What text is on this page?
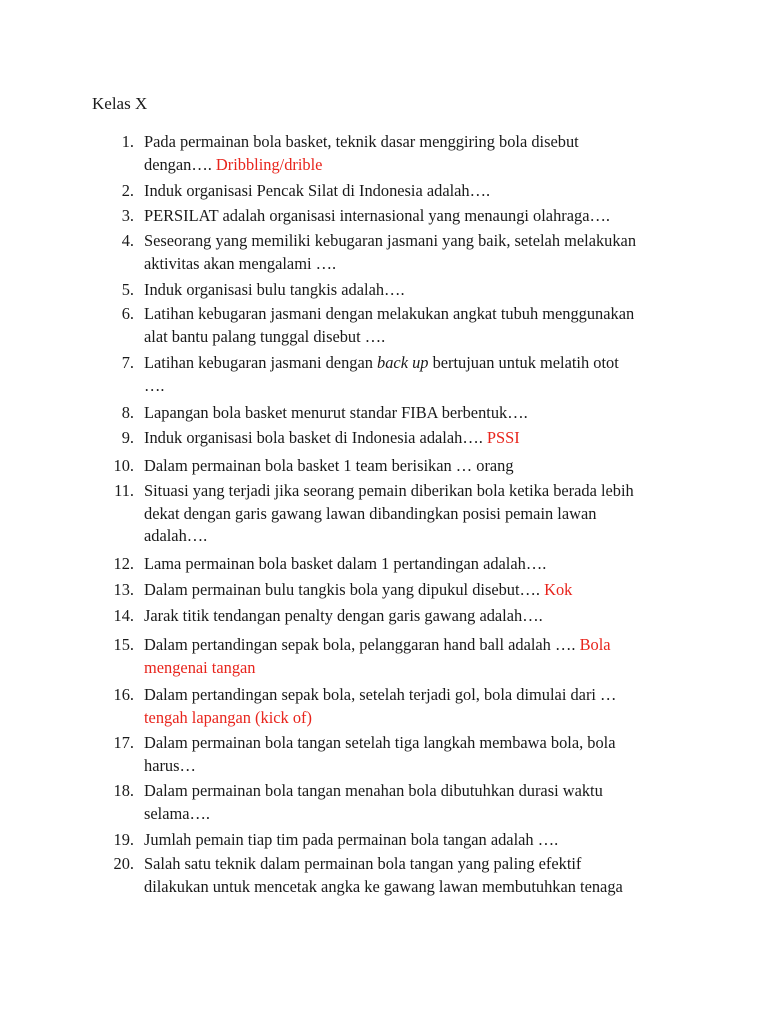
Kelas X
1. Pada permainan bola basket, teknik dasar menggiring bola disebut
dengan…. Dribbling/drible
2. Induk organisasi Pencak Silat di Indonesia adalah….
3. PERSILAT adalah organisasi internasional yang menaungi olahraga….
4. Seseorang yang memiliki kebugaran jasmani yang baik, setelah melakukan
aktivitas akan mengalami ….
5. Induk organisasi bulu tangkis adalah….
6. Latihan kebugaran jasmani dengan melakukan angkat tubuh menggunakan
alat bantu palang tunggal disebut ….
7. Latihan kebugaran jasmani dengan back up bertujuan untuk melatih otot
….
8. Lapangan bola basket menurut standar FIBA berbentuk….
9. Induk organisasi bola basket di Indonesia adalah…. PSSI
10. Dalam permainan bola basket 1 team berisikan … orang
11. Situasi yang terjadi jika seorang pemain diberikan bola ketika berada lebih
dekat dengan garis gawang lawan dibandingkan posisi pemain lawan
adalah….
12. Lama permainan bola basket dalam 1 pertandingan adalah….
13. Dalam permainan bulu tangkis bola yang dipukul disebut…. Kok
14. Jarak titik tendangan penalty dengan garis gawang adalah….
15. Dalam pertandingan sepak bola, pelanggaran hand ball adalah …. Bola
mengenai tangan
16. Dalam pertandingan sepak bola, setelah terjadi gol, bola dimulai dari …
tengah lapangan (kick of)
17. Dalam permainan bola tangan setelah tiga langkah membawa bola, bola
harus…
18. Dalam permainan bola tangan menahan bola dibutuhkan durasi waktu
selama….
19. Jumlah pemain tiap tim pada permainan bola tangan adalah ….
20. Salah satu teknik dalam permainan bola tangan yang paling efektif
dilakukan untuk mencetak angka ke gawang lawan membutuhkan tenaga
